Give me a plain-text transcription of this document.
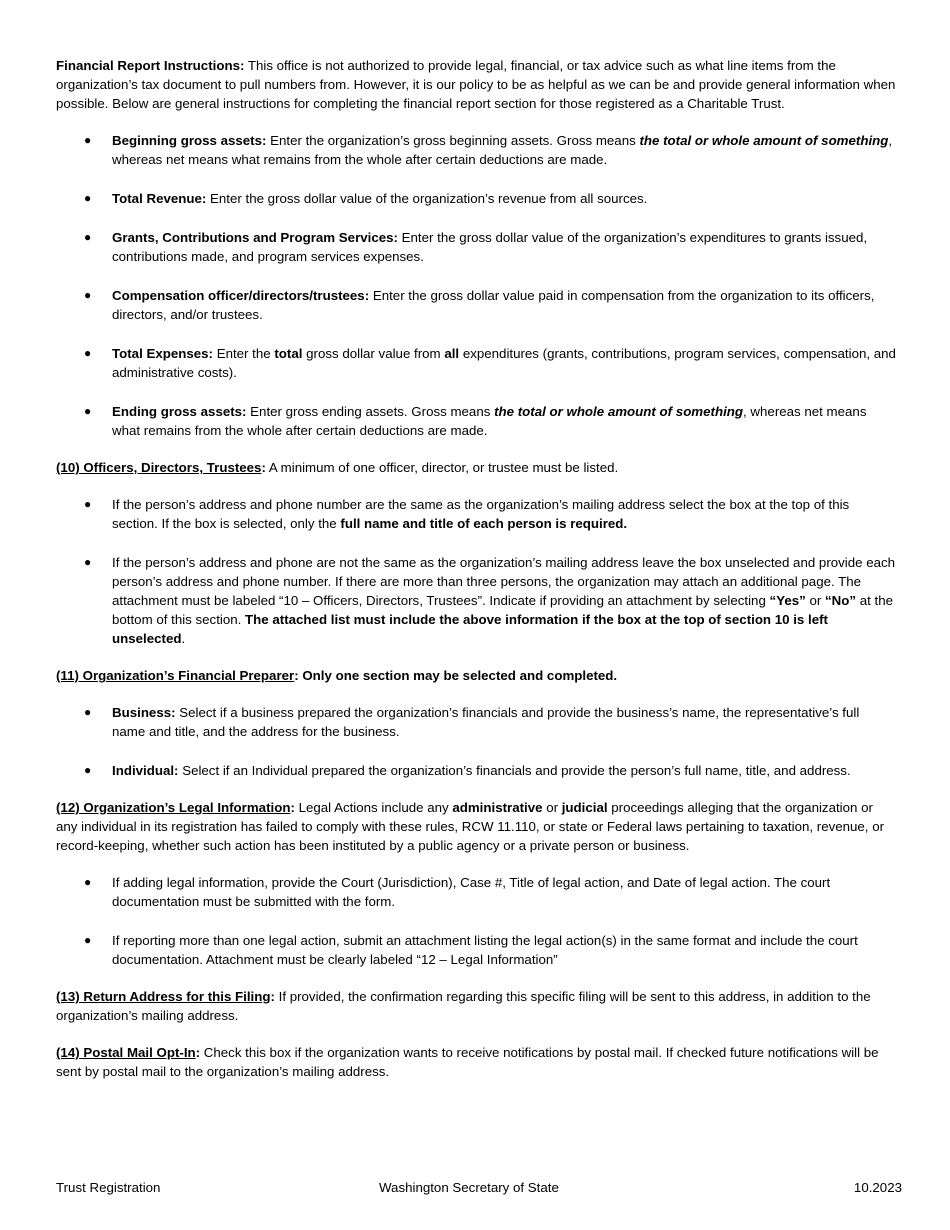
Financial Report Instructions: This office is not authorized to provide legal, financial, or tax advice such as what line items from the organization’s tax document to pull numbers from. However, it is our policy to be as helpful as we can be and provide general information when possible. Below are general instructions for completing the financial report section for those registered as a Charitable Trust.

● Beginning gross assets: Enter the organization’s gross beginning assets. Gross means the total or whole amount of something, whereas net means what remains from the whole after certain deductions are made.
● Total Revenue: Enter the gross dollar value of the organization’s revenue from all sources.
● Grants, Contributions and Program Services: Enter the gross dollar value of the organization’s expenditures to grants issued, contributions made, and program services expenses.
● Compensation officer/directors/trustees: Enter the gross dollar value paid in compensation from the organization to its officers, directors, and/or trustees.
● Total Expenses: Enter the total gross dollar value from all expenditures (grants, contributions, program services, compensation, and administrative costs).
● Ending gross assets: Enter gross ending assets. Gross means the total or whole amount of something, whereas net means what remains from the whole after certain deductions are made.

(10) Officers, Directors, Trustees: A minimum of one officer, director, or trustee must be listed.

● If the person’s address and phone number are the same as the organization’s mailing address select the box at the top of this section. If the box is selected, only the full name and title of each person is required.
● If the person’s address and phone are not the same as the organization’s mailing address leave the box unselected and provide each person’s address and phone number. If there are more than three persons, the organization may attach an additional page. The attachment must be labeled “10 – Officers, Directors, Trustees”. Indicate if providing an attachment by selecting “Yes” or “No” at the bottom of this section. The attached list must include the above information if the box at the top of section 10 is left unselected.

(11) Organization’s Financial Preparer: Only one section may be selected and completed.

● Business: Select if a business prepared the organization’s financials and provide the business’s name, the representative’s full name and title, and the address for the business.
● Individual: Select if an Individual prepared the organization’s financials and provide the person’s full name, title, and address.

(12) Organization’s Legal Information: Legal Actions include any administrative or judicial proceedings alleging that the organization or any individual in its registration has failed to comply with these rules, RCW 11.110, or state or Federal laws pertaining to taxation, revenue, or record-keeping, whether such action has been instituted by a public agency or a private person or business.

● If adding legal information, provide the Court (Jurisdiction), Case #, Title of legal action, and Date of legal action. The court documentation must be submitted with the form.
● If reporting more than one legal action, submit an attachment listing the legal action(s) in the same format and include the court documentation. Attachment must be clearly labeled “12 – Legal Information”

(13) Return Address for this Filing: If provided, the confirmation regarding this specific filing will be sent to this address, in addition to the organization’s mailing address.

(14) Postal Mail Opt-In: Check this box if the organization wants to receive notifications by postal mail. If checked future notifications will be sent by postal mail to the organization’s mailing address.

Trust Registration	Washington Secretary of State	10.2023
